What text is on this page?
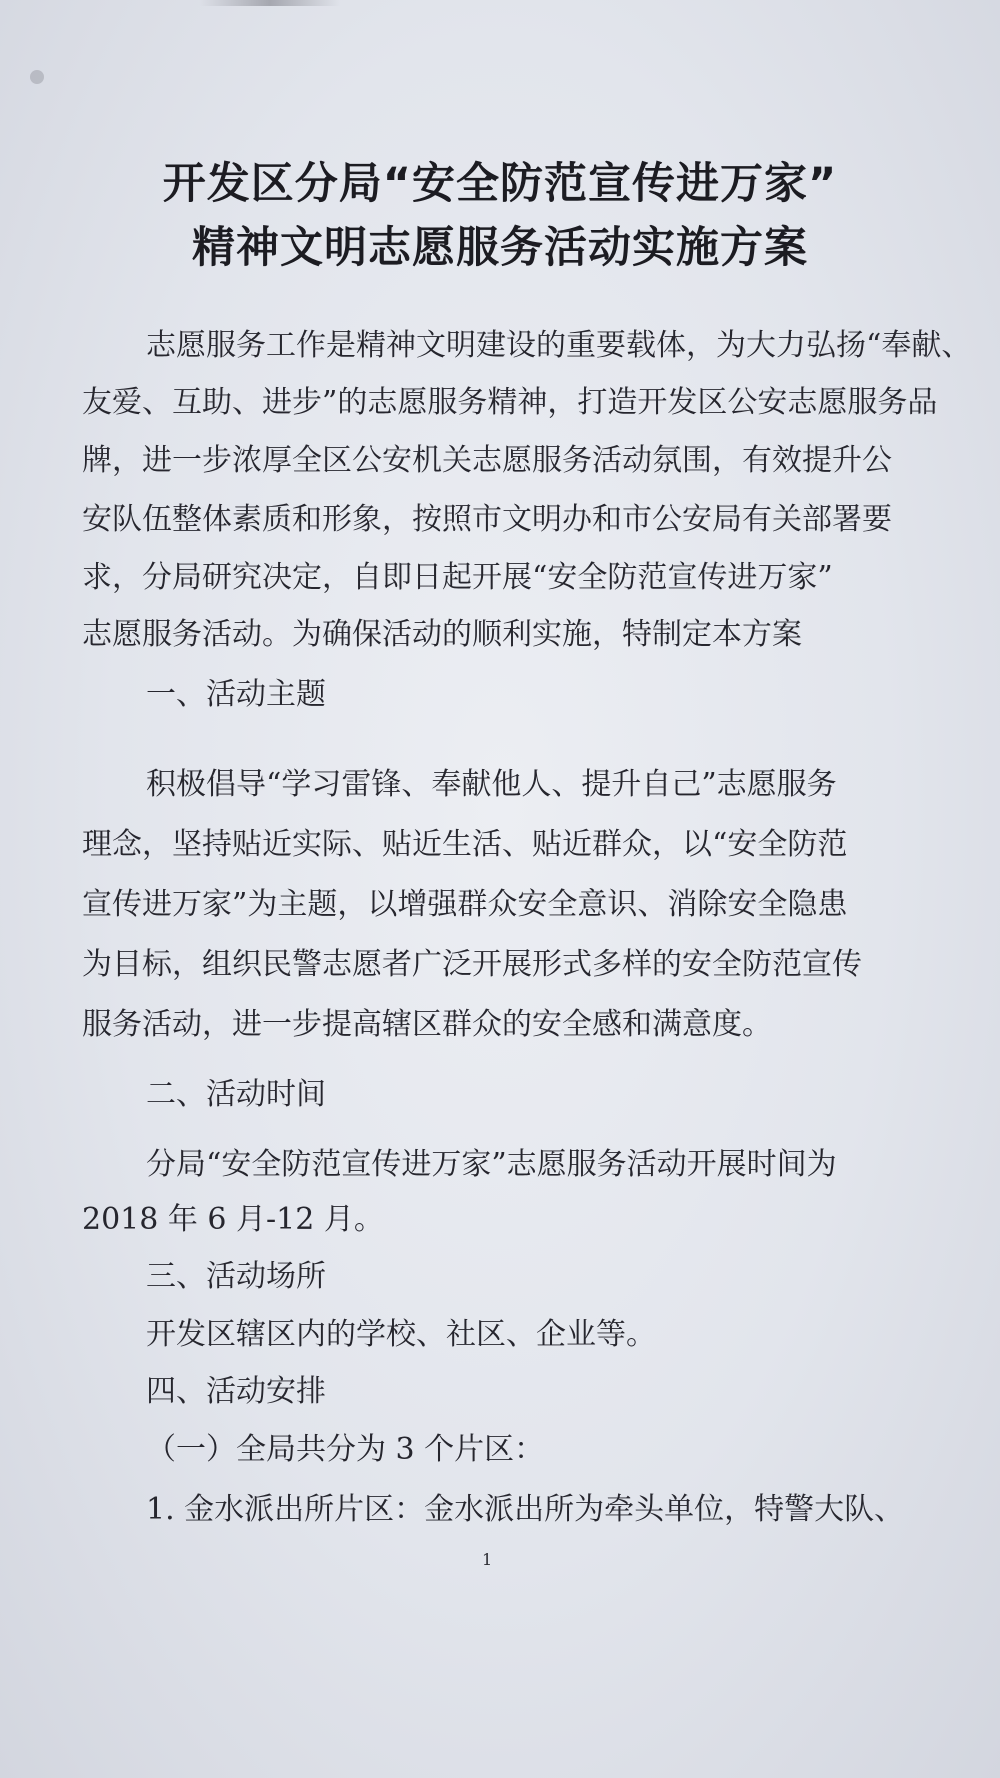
开发区分局“安全防范宣传进万家”
精神文明志愿服务活动实施方案
志愿服务工作是精神文明建设的重要载体，为大力弘扬“奉献、
友爱、互助、进步”的志愿服务精神，打造开发区公安志愿服务品
牌，进一步浓厚全区公安机关志愿服务活动氛围，有效提升公
安队伍整体素质和形象，按照市文明办和市公安局有关部署要
求，分局研究决定，自即日起开展“安全防范宣传进万家”
志愿服务活动。为确保活动的顺利实施，特制定本方案
一、活动主题
积极倡导“学习雷锋、奉献他人、提升自己”志愿服务
理念，坚持贴近实际、贴近生活、贴近群众，以“安全防范
宣传进万家”为主题，以增强群众安全意识、消除安全隐患
为目标，组织民警志愿者广泛开展形式多样的安全防范宣传
服务活动，进一步提高辖区群众的安全感和满意度。
二、活动时间
分局“安全防范宣传进万家”志愿服务活动开展时间为
2018 年 6 月-12 月。
三、活动场所
开发区辖区内的学校、社区、企业等。
四、活动安排
（一）全局共分为 3 个片区：
1. 金水派出所片区：金水派出所为牵头单位，特警大队、
1
